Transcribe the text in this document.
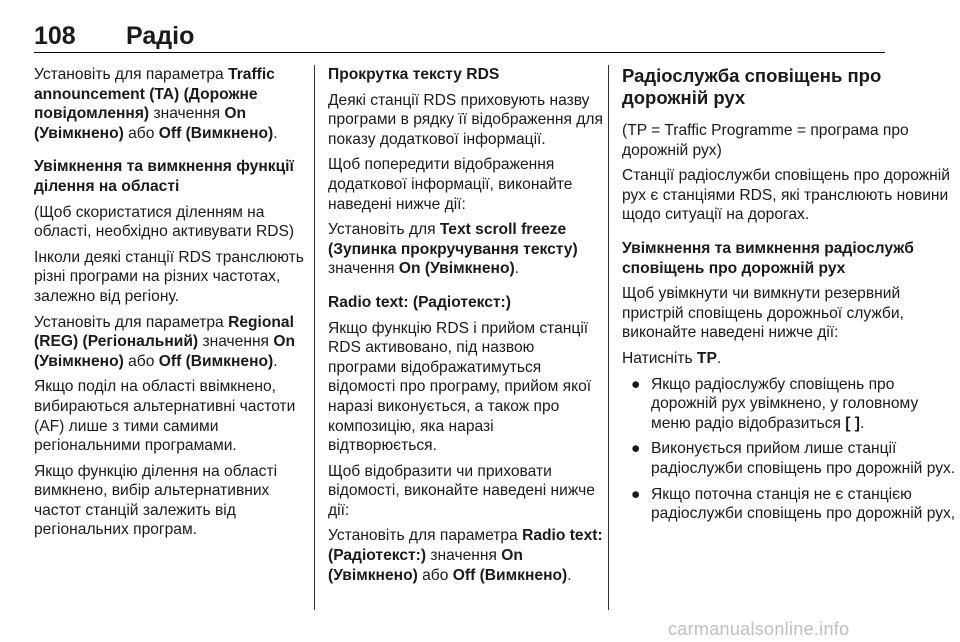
108 Радіо

Установіть для параметра Traffic announcement (TA) (Дорожне повідомлення) значення On (Увімкнено) або Off (Вимкнено).

Увімкнення та вимкнення функції ділення на області

(Щоб скористатися діленням на області, необхідно активувати RDS)

Інколи деякі станції RDS транслюють різні програми на різних частотах, залежно від регіону.

Установіть для параметра Regional (REG) (Регіональний) значення On (Увімкнено) або Off (Вимкнено).

Якщо поділ на області ввімкнено, вибираються альтернативні частоти (AF) лише з тими самими регіональними програмами.

Якщо функцію ділення на області вимкнено, вибір альтернативних частот станцій залежить від регіональних програм.

Прокрутка тексту RDS

Деякі станції RDS приховують назву програми в рядку її відображення для показу додаткової інформації.

Щоб попередити відображення додаткової інформації, виконайте наведені нижче дії:

Установіть для Text scroll freeze (Зупинка прокручування тексту) значення On (Увімкнено).

Radio text: (Радіотекст:)

Якщо функцію RDS і прийом станції RDS активовано, під назвою програми відображатимуться відомості про програму, прийом якої наразі виконується, а також про композицію, яка наразі відтворюється.

Щоб відобразити чи приховати відомості, виконайте наведені нижче дії:

Установіть для параметра Radio text: (Радіотекст:) значення On (Увімкнено) або Off (Вимкнено).

Радіослужба сповіщень про дорожній рух

(TP = Traffic Programme = програма про дорожній рух)

Станції радіослужби сповіщень про дорожній рух є станціями RDS, які транслюють новини щодо ситуації на дорогах.

Увімкнення та вимкнення радіослужб сповіщень про дорожній рух

Щоб увімкнути чи вимкнути резервний пристрій сповіщень дорожньої служби, виконайте наведені нижче дії:

Натисніть TP.

● Якщо радіослужбу сповіщень про дорожній рух увімкнено, у головному меню радіо відобразиться [ ].
● Виконується прийом лише станції радіослужби сповіщень про дорожній рух.
● Якщо поточна станція не є станцією радіослужби сповіщень про дорожній рух,
carmanualsonline.info
